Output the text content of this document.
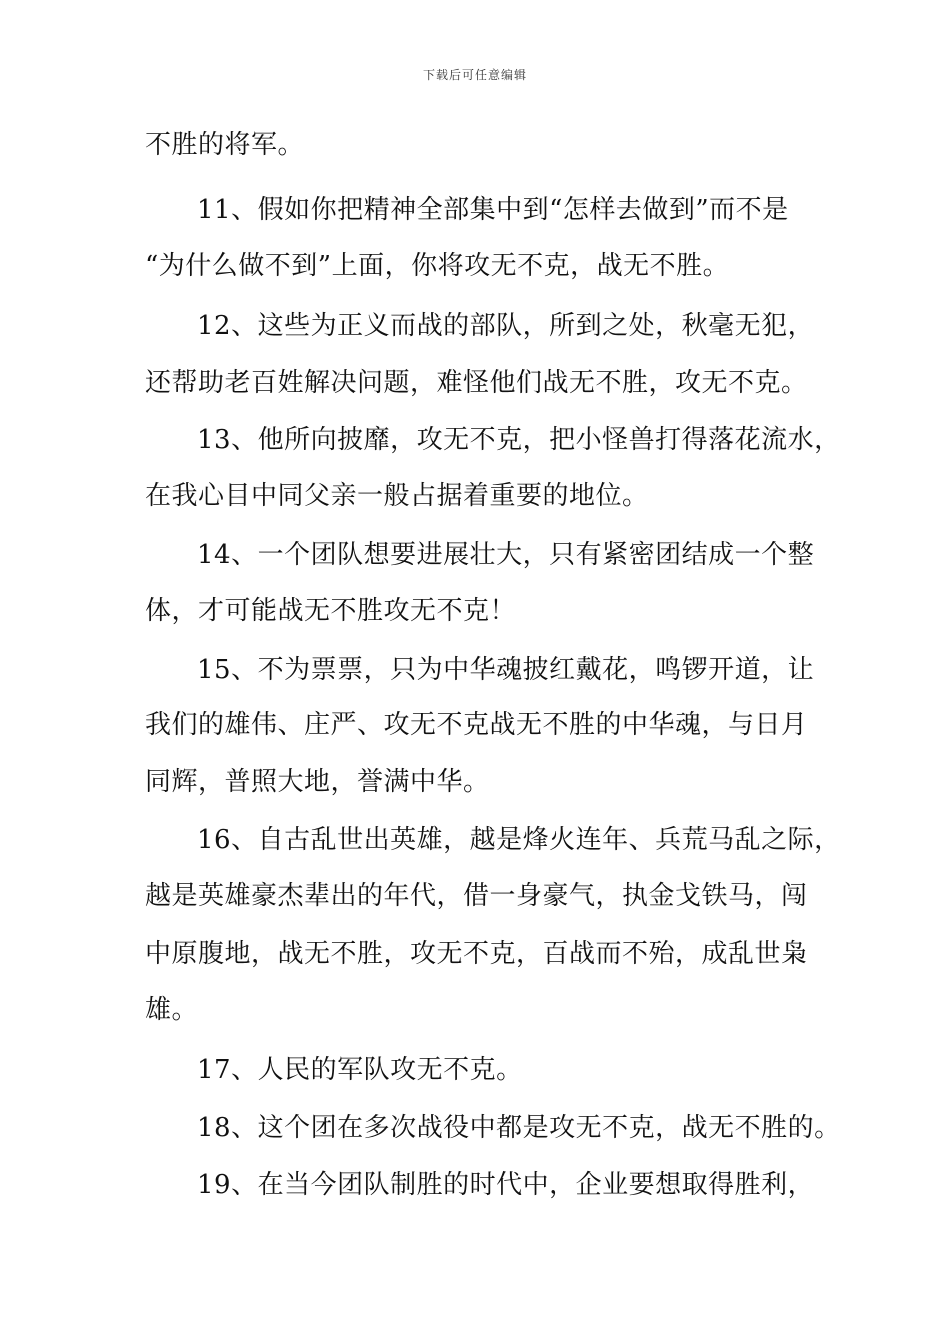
下载后可任意编辑
不胜的将军。
11、假如你把精神全部集中到“怎样去做到”而不是
“为什么做不到”上面，你将攻无不克，战无不胜。
12、这些为正义而战的部队，所到之处，秋毫无犯，
还帮助老百姓解决问题，难怪他们战无不胜，攻无不克。
13、他所向披靡，攻无不克，把小怪兽打得落花流水，
在我心目中同父亲一般占据着重要的地位。
14、一个团队想要进展壮大，只有紧密团结成一个整
体，才可能战无不胜攻无不克！
15、不为票票，只为中华魂披红戴花，鸣锣开道，让
我们的雄伟、庄严、攻无不克战无不胜的中华魂，与日月
同辉，普照大地，誉满中华。
16、自古乱世出英雄，越是烽火连年、兵荒马乱之际，
越是英雄豪杰辈出的年代，借一身豪气，执金戈铁马，闯
中原腹地，战无不胜，攻无不克，百战而不殆，成乱世枭
雄。
17、人民的军队攻无不克。
18、这个团在多次战役中都是攻无不克，战无不胜的。
19、在当今团队制胜的时代中，企业要想取得胜利，
